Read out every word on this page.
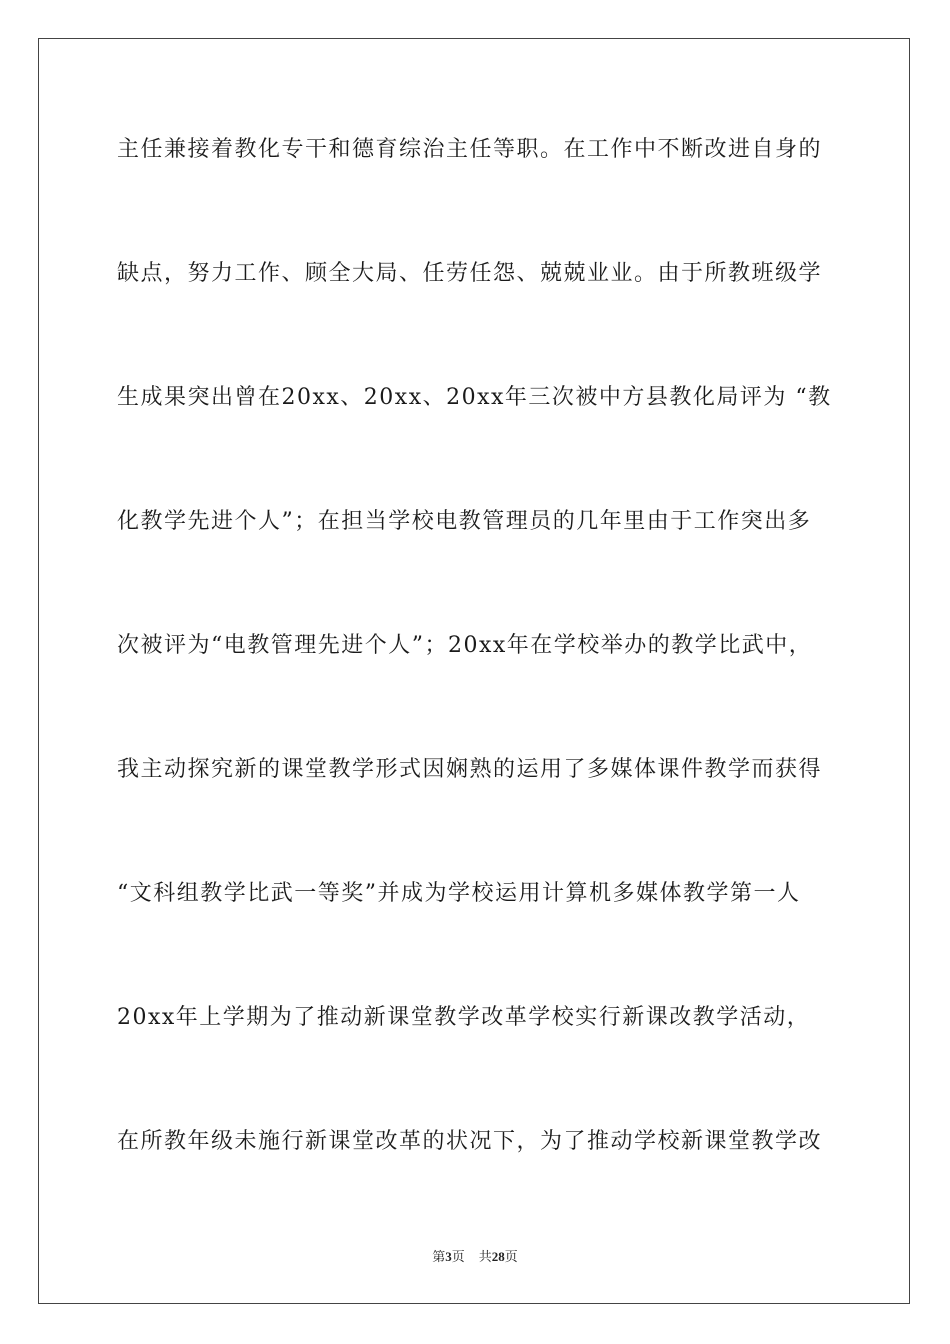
主任兼接着教化专干和德育综治主任等职。在工作中不断改进自身的
缺点，努力工作、顾全大局、任劳任怨、兢兢业业。由于所教班级学
生成果突出曾在20xx、20xx、20xx年三次被中方县教化局评为 “教
化教学先进个人”；在担当学校电教管理员的几年里由于工作突出多
次被评为“电教管理先进个人”；20xx年在学校举办的教学比武中，
我主动探究新的课堂教学形式因娴熟的运用了多媒体课件教学而获得
“文科组教学比武一等奖”并成为学校运用计算机多媒体教学第一人
20xx年上学期为了推动新课堂教学改革学校实行新课改教学活动，
在所教年级未施行新课堂改革的状况下，为了推动学校新课堂教学改
第3页 共28页
